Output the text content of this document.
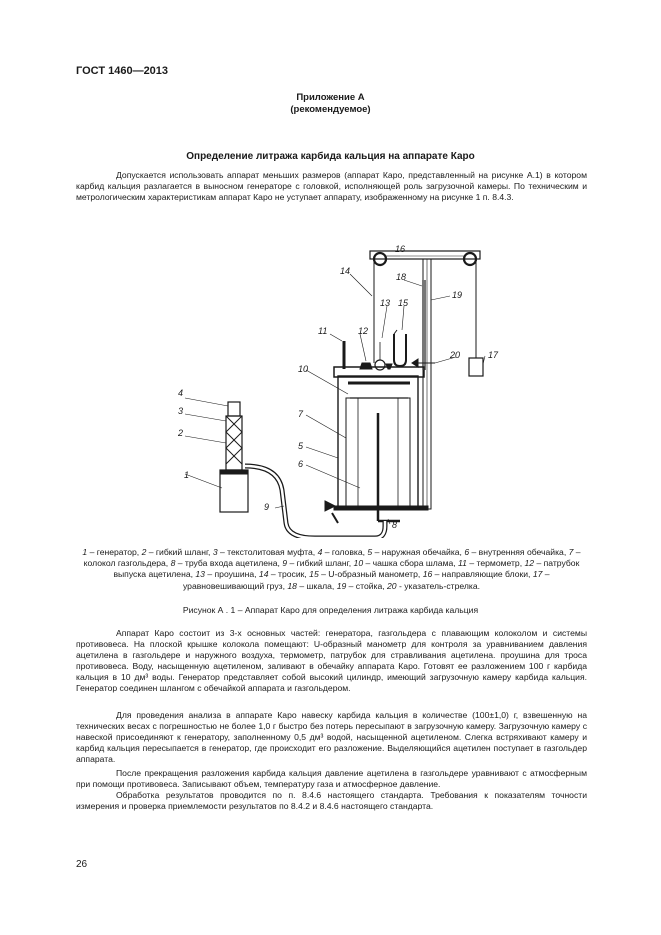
ГОСТ 1460—2013
Приложение А
(рекомендуемое)
Определение литража карбида кальция на аппарате Каро

Допускается использовать аппарат меньших размеров (аппарат Каро, представленный на рисунке А.1) в котором карбид кальция разлагается в выносном генераторе с головкой, исполняющей роль загрузочной камеры. По техническим и метрологическим характеристикам аппарат Каро не уступает аппарату, изображенному на рисунке 1 п. 8.4.3.

16
14
18
19
13 15
11	12
20	17
10
7
5
6
8
9
4
3
2
1
1 – генератор, 2 – гибкий шланг, 3 – текстолитовая муфта, 4 – головка, 5 – наружная обечайка, 6 – внутренняя обечайка, 7 – колокол газгольдера, 8 – труба входа ацетилена, 9 – гибкий шланг, 10 – чашка сбора шлама, 11 – термометр, 12 – патрубок выпуска ацетилена, 13 – проушина, 14 – тросик, 15 – U-образный манометр, 16 – направляющие блоки, 17 – уравновешивающий груз, 18 – шкала, 19 – стойка, 20 - указатель-стрелка.
Рисунок А . 1 – Аппарат Каро для определения литража карбида кальция

Аппарат Каро состоит из 3-х основных частей: генератора, газгольдера с плавающим колоколом и системы противовеса. На плоской крышке колокола помещают: U-образный манометр для контроля за уравниванием давления ацетилена в газгольдере и наружного воздуха, термометр, патрубок для стравливания ацетилена. проушина для троса противовеса. Воду, насыщенную ацетиленом, заливают в обечайку аппарата Каро. Готовят ее разложением 100 г карбида кальция в 10 дм³ воды. Генератор представляет собой высокий цилиндр, имеющий загрузочную камеру карбида кальция. Генератор соединен шлангом с обечайкой аппарата и газгольдером.

Для проведения анализа в аппарате Каро навеску карбида кальция в количестве (100±1,0) г, взвешенную на технических весах с погрешностью не более 1,0 г быстро без потерь пересыпают в загрузочную камеру. Загрузочную камеру с навеской присоединяют к генератору, заполненному 0,5 дм³ водой, насыщенной ацетиленом. Слегка встряхивают камеру и карбид кальция пересыпается в генератор, где происходит его разложение. Выделяющийся ацетилен поступает в газгольдер аппарата.

После прекращения разложения карбида кальция давление ацетилена в газгольдере уравнивают с атмосферным при помощи противовеса. Записывают объем, температуру газа и атмосферное давление.

Обработка результатов проводится по п. 8.4.6 настоящего стандарта. Требования к показателям точности измерения и проверка приемлемости результатов по 8.4.2 и 8.4.6 настоящего стандарта.

26
